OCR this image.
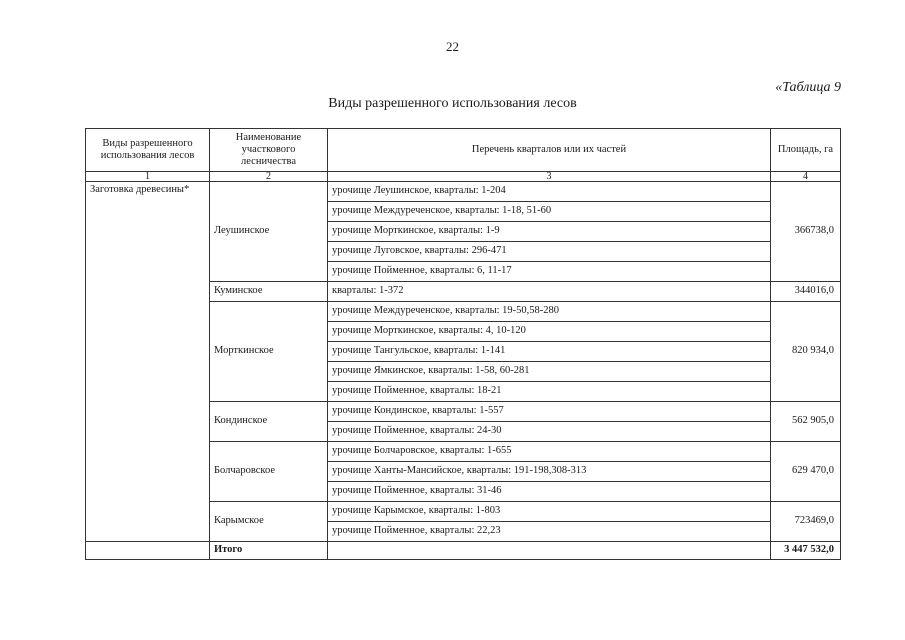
22
«Таблица 9
Виды разрешенного использования лесов
Виды разрешенного использования лесов	Наименование участкового лесничества	Перечень кварталов или их частей	Площадь, га
1	2	3	4
Заготовка древесины*	Леушинское	урочище Леушинское, кварталы: 1-204	366738,0
		урочище Междуреченское, кварталы: 1-18, 51-60	
		урочище Морткинское, кварталы: 1-9	
		урочище Луговское, кварталы: 296-471	
		урочище Пойменное, кварталы: 6, 11-17	
	Куминское	кварталы: 1-372	344016,0
	Морткинское	урочище Междуреченское, кварталы: 19-50,58-280	820 934,0
		урочище Морткинское, кварталы: 4, 10-120	
		урочище Тангульское, кварталы: 1-141	
		урочище Ямкинское, кварталы: 1-58, 60-281	
		урочище Пойменное, кварталы: 18-21	
	Кондинское	урочище Кондинское, кварталы: 1-557	562 905,0
		урочище Пойменное, кварталы: 24-30	
	Болчаровское	урочище Болчаровское, кварталы: 1-655	629 470,0
		урочище Ханты-Мансийское, кварталы: 191-198,308-313	
		урочище Пойменное, кварталы: 31-46	
	Карымское	урочище Карымское, кварталы: 1-803	723469,0
		урочище Пойменное, кварталы: 22,23	
	Итого		3 447 532,0
